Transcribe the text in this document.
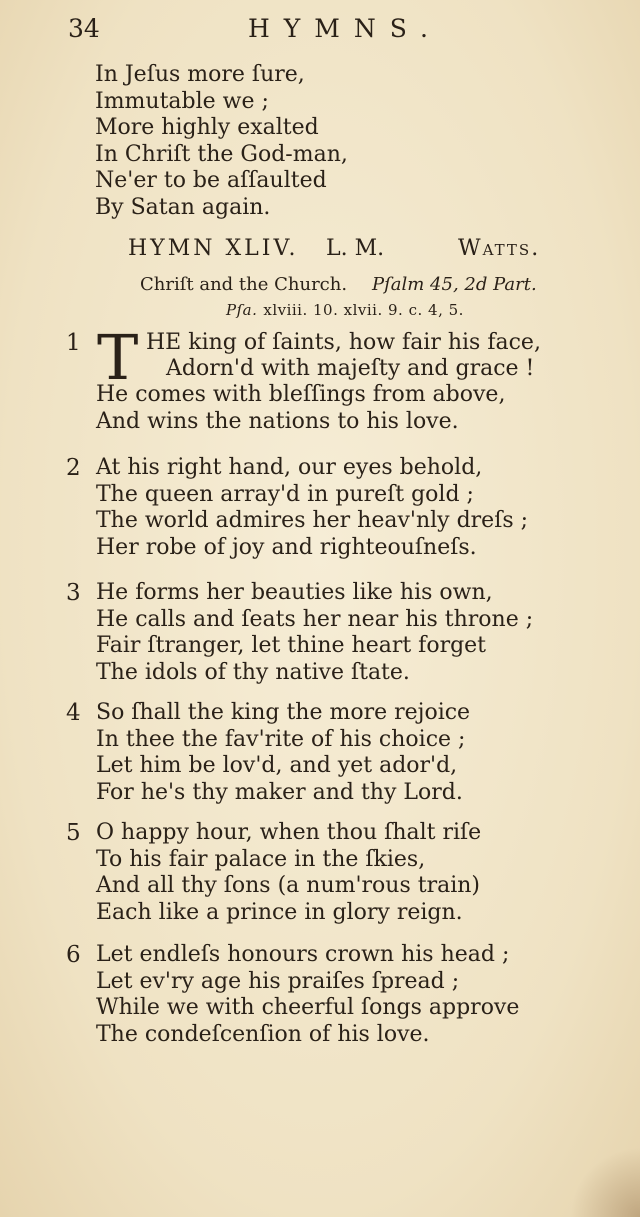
34	HYMNS.
In Jeſus more ſure,
Immutable we ;
More highly exalted
In Chriſt the God-man,
Ne'er to be aſſaulted
By Satan again.
HYMN XLIV. L. M.	Watts.
Chriſt and the Church. Pſalm 45, 2d Part.
Pſa. xlviii. 10. xlvii. 9. c. 4, 5.
1 T HE king of ſaints, how fair his face,
Adorn'd with majeſty and grace !
He comes with bleſſings from above,
And wins the nations to his love.
2 At his right hand, our eyes behold,
The queen array'd in pureſt gold ;
The world admires her heav'nly dreſs ;
Her robe of joy and righteouſneſs.
3 He forms her beauties like his own,
He calls and ſeats her near his throne ;
Fair ſtranger, let thine heart forget
The idols of thy native ſtate.
4 So ſhall the king the more rejoice
In thee the fav'rite of his choice ;
Let him be lov'd, and yet ador'd,
For he's thy maker and thy Lord.
5 O happy hour, when thou ſhalt riſe
To his fair palace in the ſkies,
And all thy ſons (a num'rous train)
Each like a prince in glory reign.
6 Let endleſs honours crown his head ;
Let ev'ry age his praiſes ſpread ;
While we with cheerful ſongs approve
The condeſcenſion of his love.
